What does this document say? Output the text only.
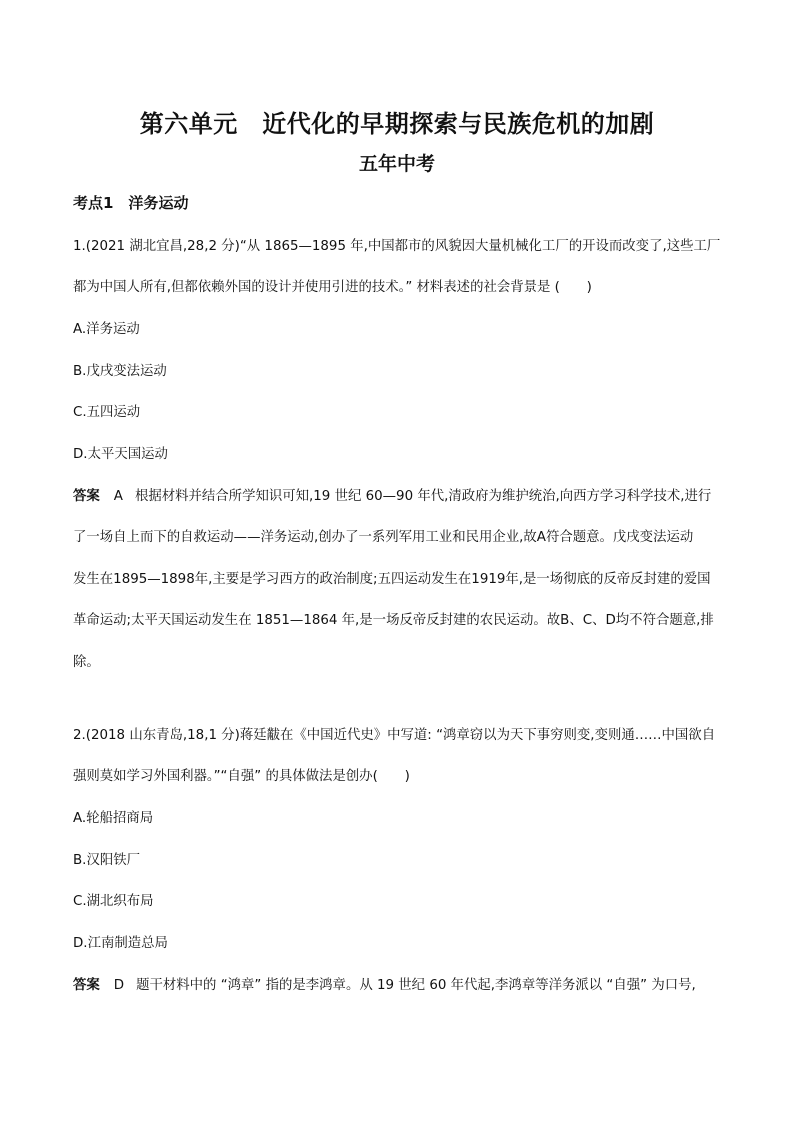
第六单元　近代化的早期探索与民族危机的加剧
五年中考
考点1　洋务运动
1.(2021 湖北宜昌,28,2 分)“从 1865—1895 年,中国都市的风貌因大量机械化工厂的开设而改变了,这些工厂
都为中国人所有,但都依赖外国的设计并使用引进的技术。” 材料表述的社会背景是 (　　)
A.洋务运动
B.戊戌变法运动
C.五四运动
D.太平天国运动
答案 A 根据材料并结合所学知识可知,19 世纪 60—90 年代,清政府为维护统治,向西方学习科学技术,进行
了一场自上而下的自救运动——洋务运动,创办了一系列军用工业和民用企业,故A符合题意。戊戌变法运动
发生在1895—1898年,主要是学习西方的政治制度;五四运动发生在1919年,是一场彻底的反帝反封建的爱国
革命运动;太平天国运动发生在 1851—1864 年,是一场反帝反封建的农民运动。故B、C、D均不符合题意,排
除。
2.(2018 山东青岛,18,1 分)蒋廷黻在《中国近代史》中写道: “鸿章窃以为天下事穷则变,变则通……中国欲自
强则莫如学习外国利器。”“自强” 的具体做法是创办(　　)
A.轮船招商局
B.汉阳铁厂
C.湖北织布局
D.江南制造总局
答案 D 题干材料中的 “鸿章” 指的是李鸿章。从 19 世纪 60 年代起,李鸿章等洋务派以 “自强” 为口号,
